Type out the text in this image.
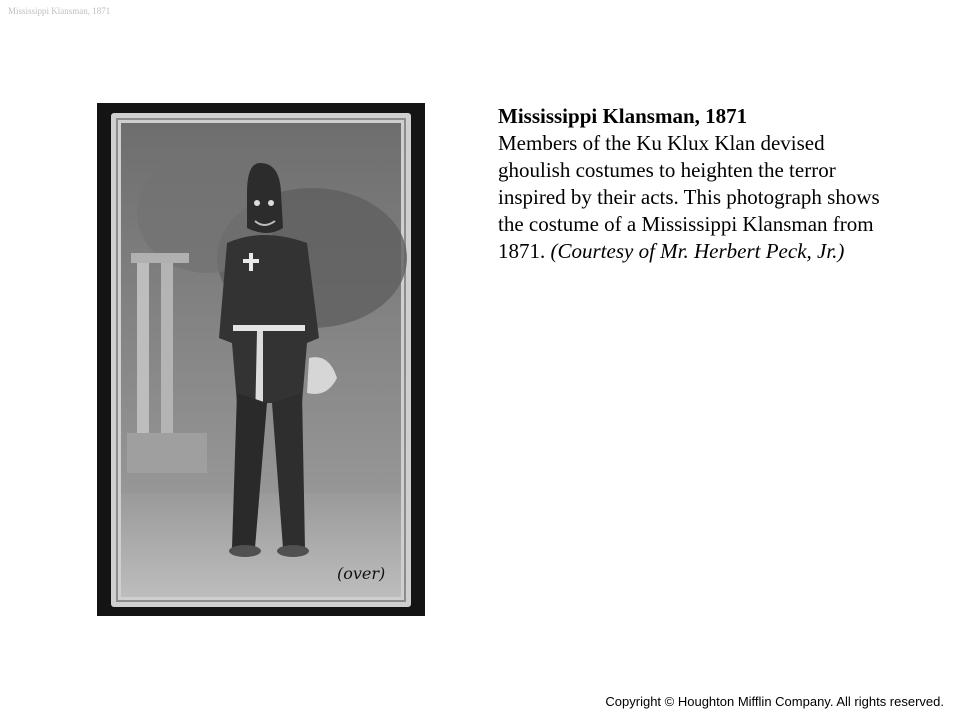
Mississippi Klansman, 1871
(over)
Mississippi Klansman, 1871
Members of the Ku Klux Klan devised ghoulish costumes to heighten the terror inspired by their acts. This photograph shows the costume of a Mississippi Klansman from 1871. (Courtesy of Mr. Herbert Peck, Jr.)
Copyright © Houghton Mifflin Company. All rights reserved.
